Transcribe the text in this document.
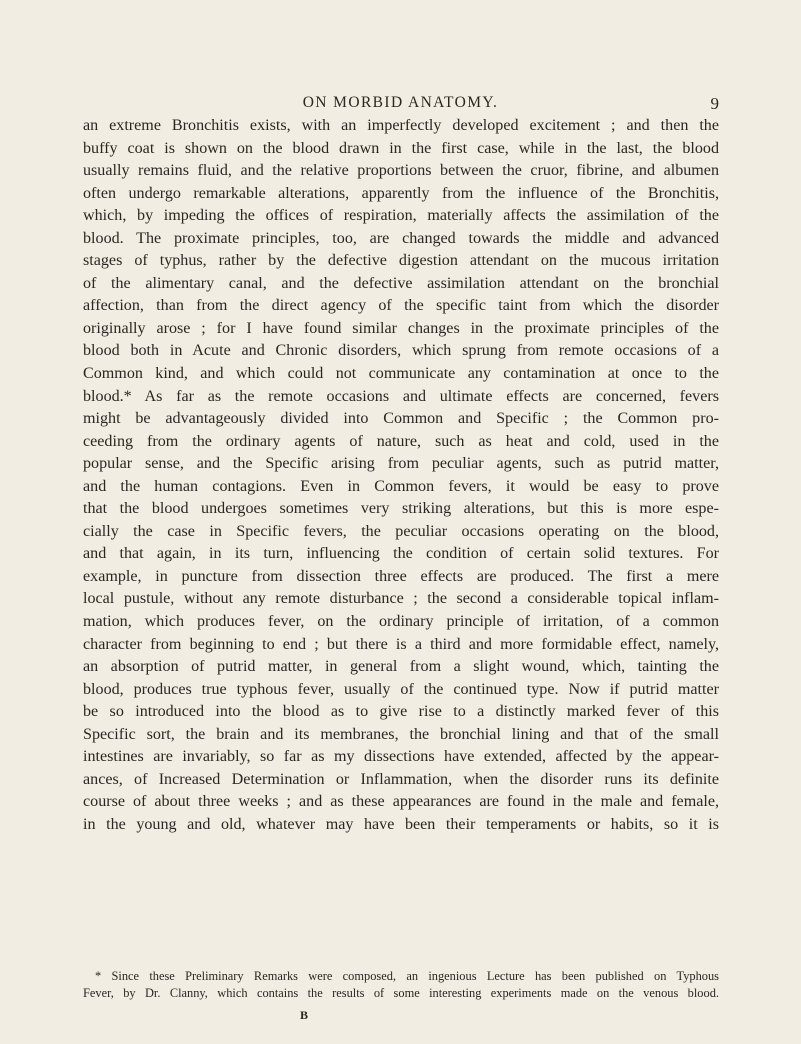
ON MORBID ANATOMY.	9
an extreme Bronchitis exists, with an imperfectly developed excitement ; and then the
buffy coat is shown on the blood drawn in the first case, while in the last, the blood
usually remains fluid, and the relative proportions between the cruor, fibrine, and albumen
often undergo remarkable alterations, apparently from the influence of the Bronchitis,
which, by impeding the offices of respiration, materially affects the assimilation of the
blood. The proximate principles, too, are changed towards the middle and advanced
stages of typhus, rather by the defective digestion attendant on the mucous irritation
of the alimentary canal, and the defective assimilation attendant on the bronchial
affection, than from the direct agency of the specific taint from which the disorder
originally arose ; for I have found similar changes in the proximate principles of the
blood both in Acute and Chronic disorders, which sprung from remote occasions of a
Common kind, and which could not communicate any contamination at once to the
blood.* As far as the remote occasions and ultimate effects are concerned, fevers
might be advantageously divided into Common and Specific ; the Common pro-
ceeding from the ordinary agents of nature, such as heat and cold, used in the
popular sense, and the Specific arising from peculiar agents, such as putrid matter,
and the human contagions. Even in Common fevers, it would be easy to prove
that the blood undergoes sometimes very striking alterations, but this is more espe-
cially the case in Specific fevers, the peculiar occasions operating on the blood,
and that again, in its turn, influencing the condition of certain solid textures. For
example, in puncture from dissection three effects are produced. The first a mere
local pustule, without any remote disturbance ; the second a considerable topical inflam-
mation, which produces fever, on the ordinary principle of irritation, of a common
character from beginning to end ; but there is a third and more formidable effect, namely,
an absorption of putrid matter, in general from a slight wound, which, tainting the
blood, produces true typhous fever, usually of the continued type. Now if putrid matter
be so introduced into the blood as to give rise to a distinctly marked fever of this
Specific sort, the brain and its membranes, the bronchial lining and that of the small
intestines are invariably, so far as my dissections have extended, affected by the appear-
ances, of Increased Determination or Inflammation, when the disorder runs its definite
course of about three weeks ; and as these appearances are found in the male and female,
in the young and old, whatever may have been their temperaments or habits, so it is
* Since these Preliminary Remarks were composed, an ingenious Lecture has been published on Typhous
Fever, by Dr. Clanny, which contains the results of some interesting experiments made on the venous blood.
B
